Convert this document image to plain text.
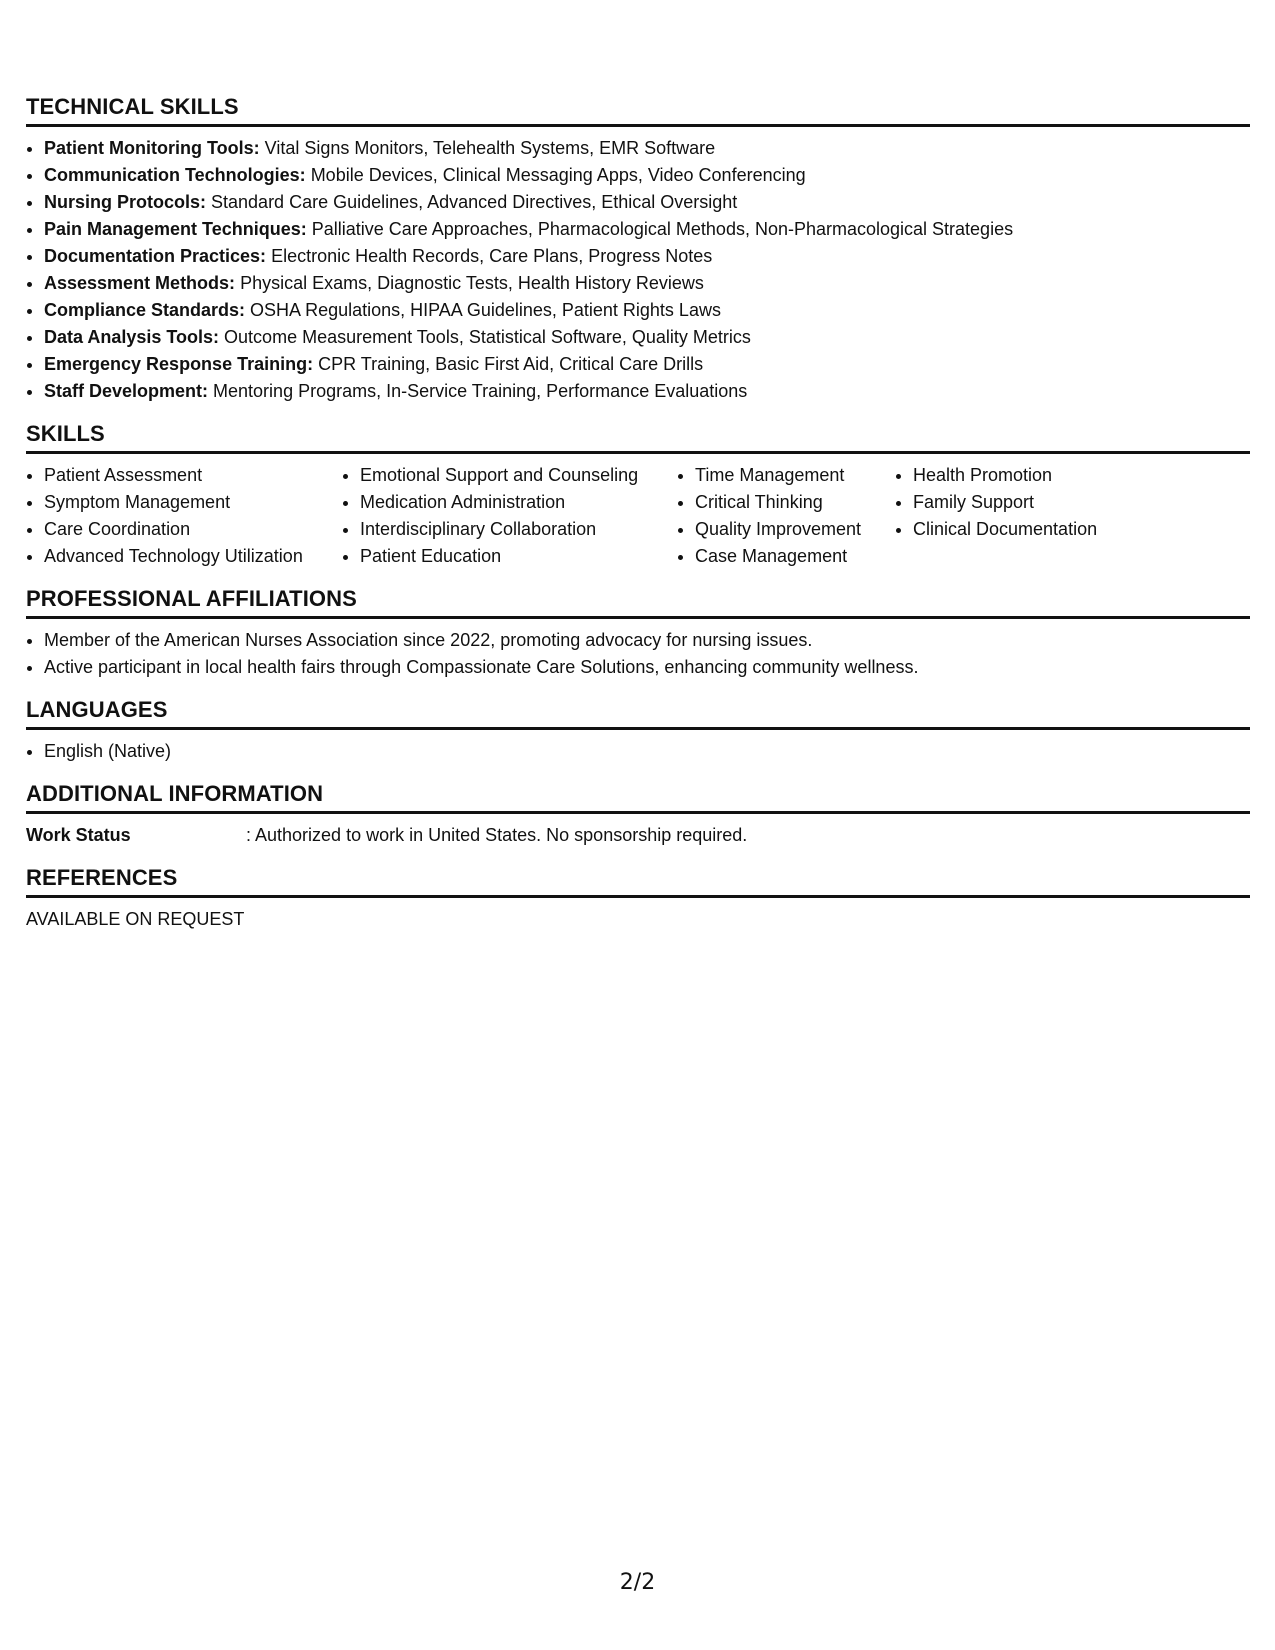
TECHNICAL SKILLS
• Patient Monitoring Tools: Vital Signs Monitors, Telehealth Systems, EMR Software
• Communication Technologies: Mobile Devices, Clinical Messaging Apps, Video Conferencing
• Nursing Protocols: Standard Care Guidelines, Advanced Directives, Ethical Oversight
• Pain Management Techniques: Palliative Care Approaches, Pharmacological Methods, Non-Pharmacological Strategies
• Documentation Practices: Electronic Health Records, Care Plans, Progress Notes
• Assessment Methods: Physical Exams, Diagnostic Tests, Health History Reviews
• Compliance Standards: OSHA Regulations, HIPAA Guidelines, Patient Rights Laws
• Data Analysis Tools: Outcome Measurement Tools, Statistical Software, Quality Metrics
• Emergency Response Training: CPR Training, Basic First Aid, Critical Care Drills
• Staff Development: Mentoring Programs, In-Service Training, Performance Evaluations
SKILLS
• Patient Assessment
• Symptom Management
• Care Coordination
• Advanced Technology Utilization
• Emotional Support and Counseling
• Medication Administration
• Interdisciplinary Collaboration
• Patient Education
• Time Management
• Critical Thinking
• Quality Improvement
• Case Management
• Health Promotion
• Family Support
• Clinical Documentation
PROFESSIONAL AFFILIATIONS
• Member of the American Nurses Association since 2022, promoting advocacy for nursing issues.
• Active participant in local health fairs through Compassionate Care Solutions, enhancing community wellness.
LANGUAGES
• English (Native)
ADDITIONAL INFORMATION
Work Status	: Authorized to work in United States. No sponsorship required.
REFERENCES
AVAILABLE ON REQUEST
2/2
